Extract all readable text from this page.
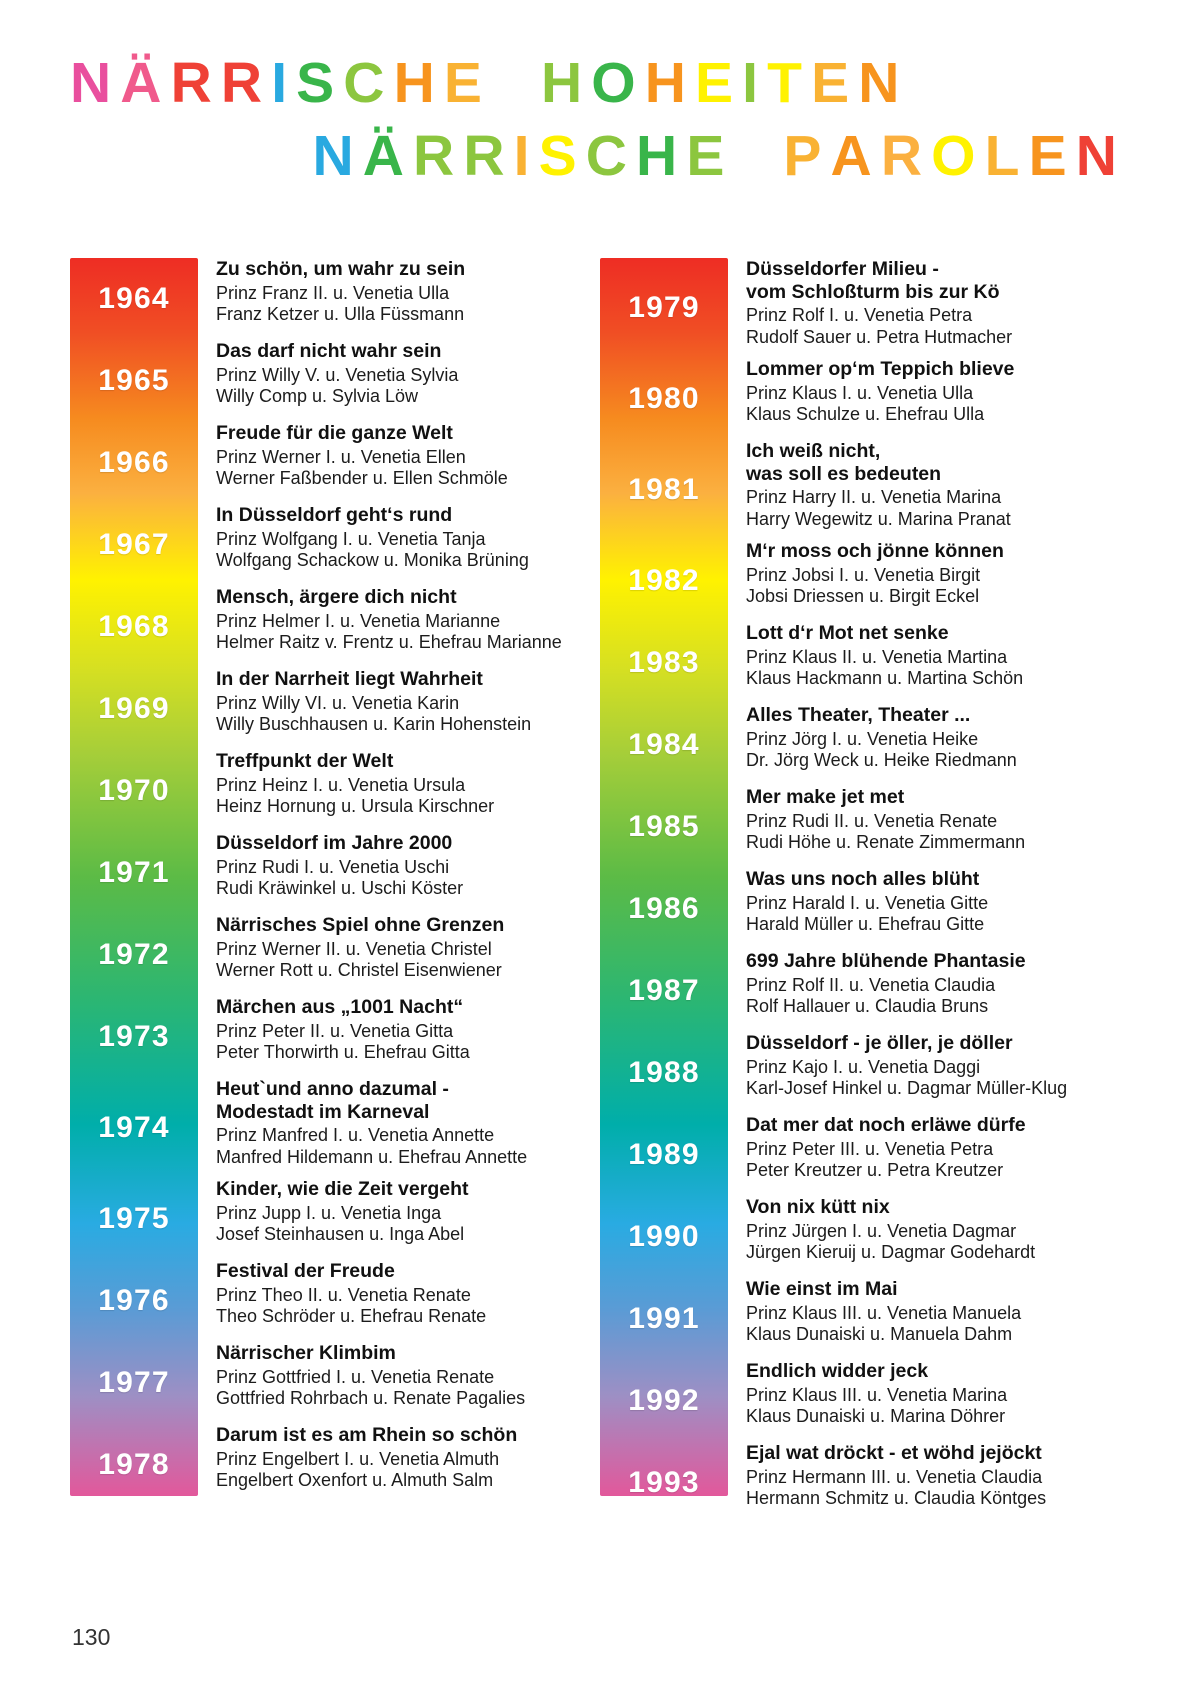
NÄRRISCHE HOHEITEN
NÄRRISCHE PAROLEN
1964
Zu schön, um wahr zu sein
Prinz Franz II. u. Venetia Ulla
Franz Ketzer u. Ulla Füssmann
1965
Das darf nicht wahr sein
Prinz Willy V. u. Venetia Sylvia
Willy Comp u. Sylvia Löw
1966
Freude für die ganze Welt
Prinz Werner I. u. Venetia Ellen
Werner Faßbender u. Ellen Schmöle
1967
In Düsseldorf geht‘s rund
Prinz Wolfgang I. u. Venetia Tanja
Wolfgang Schackow u. Monika Brüning
1968
Mensch, ärgere dich nicht
Prinz Helmer I. u. Venetia Marianne
Helmer Raitz v. Frentz u. Ehefrau Marianne
1969
In der Narrheit liegt Wahrheit
Prinz Willy VI. u. Venetia Karin
Willy Buschhausen u. Karin Hohenstein
1970
Treffpunkt der Welt
Prinz Heinz I. u. Venetia Ursula
Heinz Hornung u. Ursula Kirschner
1971
Düsseldorf im Jahre 2000
Prinz Rudi I. u. Venetia Uschi
Rudi Kräwinkel u. Uschi Köster
1972
Närrisches Spiel ohne Grenzen
Prinz Werner II. u. Venetia Christel
Werner Rott u. Christel Eisenwiener
1973
Märchen aus „1001 Nacht“
Prinz Peter II. u. Venetia Gitta
Peter Thorwirth u. Ehefrau Gitta
1974
Heut`und anno dazumal -
Modestadt im Karneval
Prinz Manfred I. u. Venetia Annette
Manfred Hildemann u. Ehefrau Annette
1975
Kinder, wie die Zeit vergeht
Prinz Jupp I. u. Venetia Inga
Josef Steinhausen u. Inga Abel
1976
Festival der Freude
Prinz Theo II. u. Venetia Renate
Theo Schröder u. Ehefrau Renate
1977
Närrischer Klimbim
Prinz Gottfried I. u. Venetia Renate
Gottfried Rohrbach u. Renate Pagalies
1978
Darum ist es am Rhein so schön
Prinz Engelbert I. u. Venetia Almuth
Engelbert Oxenfort u. Almuth Salm
1979
Düsseldorfer Milieu -
vom Schloßturm bis zur Kö
Prinz Rolf I. u. Venetia Petra
Rudolf Sauer u. Petra Hutmacher
1980
Lommer op‘m Teppich blieve
Prinz Klaus I. u. Venetia Ulla
Klaus Schulze u. Ehefrau Ulla
1981
Ich weiß nicht,
was soll es bedeuten
Prinz Harry II. u. Venetia Marina
Harry Wegewitz u. Marina Pranat
1982
M‘r moss och jönne können
Prinz Jobsi I. u. Venetia Birgit
Jobsi Driessen u. Birgit Eckel
1983
Lott d‘r Mot net senke
Prinz Klaus II. u. Venetia Martina
Klaus Hackmann u. Martina Schön
1984
Alles Theater, Theater ...
Prinz Jörg I. u. Venetia Heike
Dr. Jörg Weck u. Heike Riedmann
1985
Mer make jet met
Prinz Rudi II. u. Venetia Renate
Rudi Höhe u. Renate Zimmermann
1986
Was uns noch alles blüht
Prinz Harald I. u. Venetia Gitte
Harald Müller u. Ehefrau Gitte
1987
699 Jahre blühende Phantasie
Prinz Rolf II. u. Venetia Claudia
Rolf Hallauer u. Claudia Bruns
1988
Düsseldorf - je öller, je döller
Prinz Kajo I. u. Venetia Daggi
Karl-Josef Hinkel u. Dagmar Müller-Klug
1989
Dat mer dat noch erläwe dürfe
Prinz Peter III. u. Venetia Petra
Peter Kreutzer u. Petra Kreutzer
1990
Von nix kütt nix
Prinz Jürgen I. u. Venetia Dagmar
Jürgen Kieruij u. Dagmar Godehardt
1991
Wie einst im Mai
Prinz Klaus III. u. Venetia Manuela
Klaus Dunaiski u. Manuela Dahm
1992
Endlich widder jeck
Prinz Klaus III. u. Venetia Marina
Klaus Dunaiski u. Marina Döhrer
1993
Ejal wat dröckt - et wöhd jejöckt
Prinz Hermann III. u. Venetia Claudia
Hermann Schmitz u. Claudia Köntges
130
